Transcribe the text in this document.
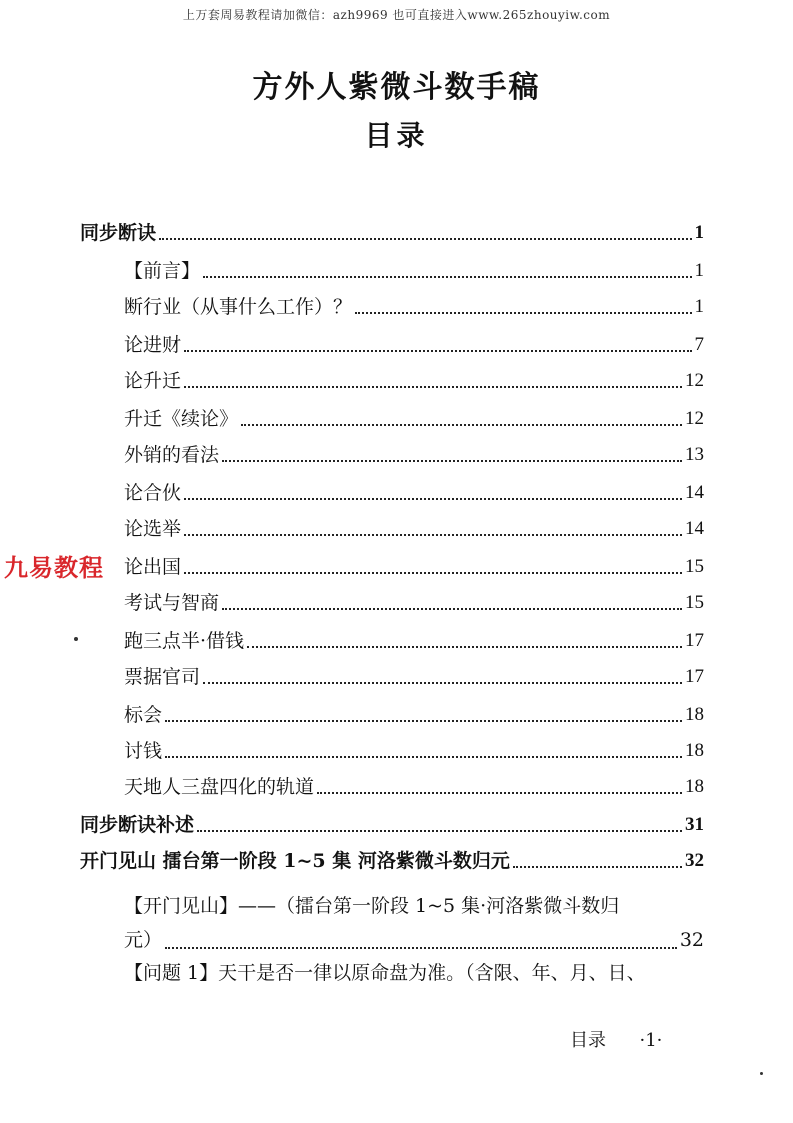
上万套周易教程请加微信：azh9969 也可直接进入www.265zhouyiw.com
方外人紫微斗数手稿
目录
同步断诀	1
【前言】	1
断行业（从事什么工作）？	1
论进财	7
论升迁	12
升迁《续论》	12
外销的看法	13
论合伙	14
论选举	14
论出国	15
考试与智商	15
跑三点半·借钱	17
票据官司	17
标会	18
讨钱	18
天地人三盘四化的轨道	18
同步断诀补述	31
开门见山 擂台第一阶段 1~5 集 河洛紫微斗数归元	32
【开门见山】——（擂台第一阶段 1~5 集·河洛紫微斗数归
元）	32
【问题 1】天干是否一律以原命盘为准。（含限、年、月、日、
九易教程
目录 ·1·
